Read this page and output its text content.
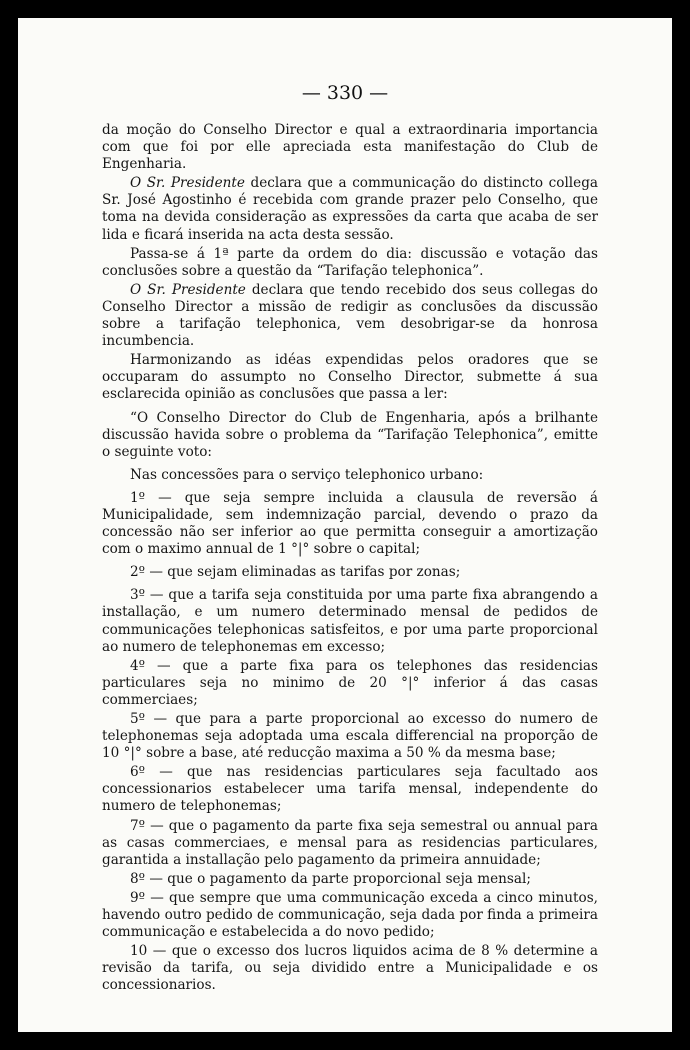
— 330 —

da moção do Conselho Director e qual a extraordinaria importancia com que foi por elle apreciada esta manifestação do Club de Engenharia.

O Sr. Presidente declara que a communicação do distincto collega Sr. José Agostinho é recebida com grande prazer pelo Conselho, que toma na devida consideração as expressões da carta que acaba de ser lida e ficará inserida na acta desta sessão.

Passa-se á 1ª parte da ordem do dia: discussão e votação das conclusões sobre a questão da “Tarifação telephonica”.

O Sr. Presidente declara que tendo recebido dos seus collegas do Conselho Director a missão de redigir as conclusões da discussão sobre a tarifação telephonica, vem desobrigar-se da honrosa incumbencia.

Harmonizando as idéas expendidas pelos oradores que se occuparam do assumpto no Conselho Director, submette á sua esclarecida opinião as conclusões que passa a ler:

“O Conselho Director do Club de Engenharia, após a brilhante discussão havida sobre o problema da “Tarifação Telephonica”, emitte o seguinte voto:

Nas concessões para o serviço telephonico urbano:

1º — que seja sempre incluida a clausula de reversão á Municipalidade, sem indemnização parcial, devendo o prazo da concessão não ser inferior ao que permitta conseguir a amortização com o maximo annual de 1 °|° sobre o capital;

2º — que sejam eliminadas as tarifas por zonas;

3º — que a tarifa seja constituida por uma parte fixa abrangendo a installação, e um numero determinado mensal de pedidos de communicações telephonicas satisfeitos, e por uma parte proporcional ao numero de telephonemas em excesso;

4º — que a parte fixa para os telephones das residencias particulares seja no minimo de 20 °|° inferior á das casas commerciaes;

5º — que para a parte proporcional ao excesso do numero de telephonemas seja adoptada uma escala differencial na proporção de 10 °|° sobre a base, até reducção maxima a 50 % da mesma base;

6º — que nas residencias particulares seja facultado aos concessionarios estabelecer uma tarifa mensal, independente do numero de telephonemas;

7º — que o pagamento da parte fixa seja semestral ou annual para as casas commerciaes, e mensal para as residencias particulares, garantida a installação pelo pagamento da primeira annuidade;

8º — que o pagamento da parte proporcional seja mensal;

9º — que sempre que uma communicação exceda a cinco minutos, havendo outro pedido de communicação, seja dada por finda a primeira communicação e estabelecida a do novo pedido;

10 — que o excesso dos lucros liquidos acima de 8 % determine a revisão da tarifa, ou seja dividido entre a Municipalidade e os concessionarios.
